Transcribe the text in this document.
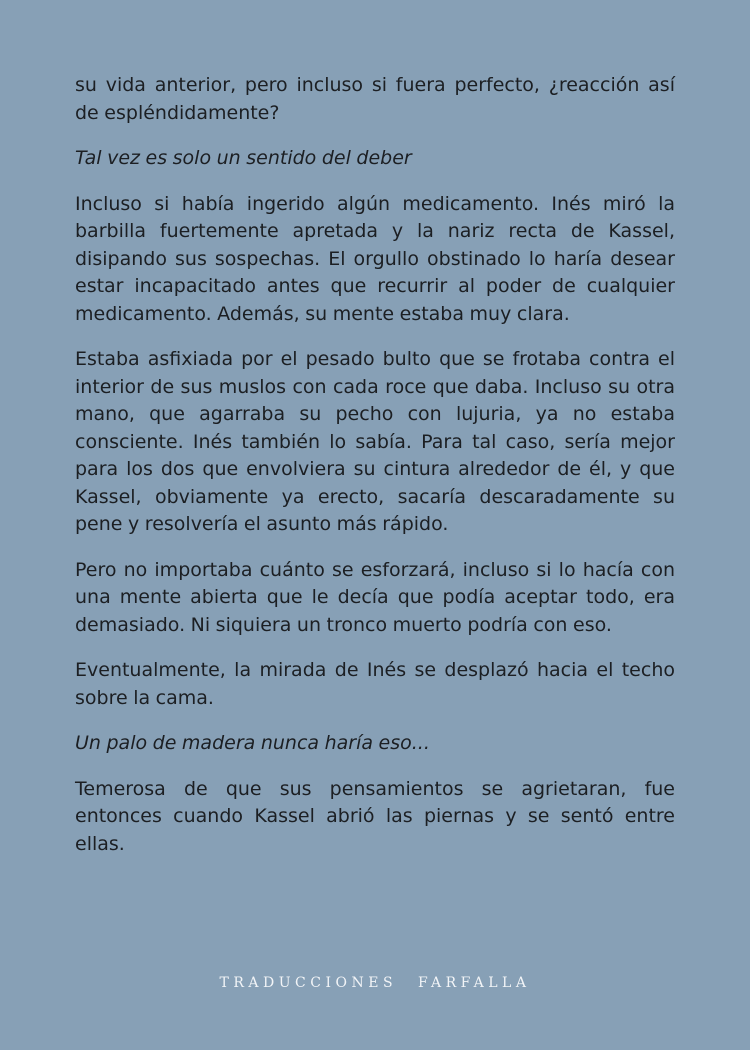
su vida anterior, pero incluso si fuera perfecto, ¿reacción así de espléndidamente?

Tal vez es solo un sentido del deber

Incluso si había ingerido algún medicamento. Inés miró la barbilla fuertemente apretada y la nariz recta de Kassel, disipando sus sospechas. El orgullo obstinado lo haría desear estar incapacitado antes que recurrir al poder de cualquier medicamento. Además, su mente estaba muy clara.

Estaba asfixiada por el pesado bulto que se frotaba contra el interior de sus muslos con cada roce que daba. Incluso su otra mano, que agarraba su pecho con lujuria, ya no estaba consciente. Inés también lo sabía. Para tal caso, sería mejor para los dos que envolviera su cintura alrededor de él, y que Kassel, obviamente ya erecto, sacaría descaradamente su pene y resolvería el asunto más rápido.

Pero no importaba cuánto se esforzará, incluso si lo hacía con una mente abierta que le decía que podía aceptar todo, era demasiado. Ni siquiera un tronco muerto podría con eso.

Eventualmente, la mirada de Inés se desplazó hacia el techo sobre la cama.

Un palo de madera nunca haría eso...

Temerosa de que sus pensamientos se agrietaran, fue entonces cuando Kassel abrió las piernas y se sentó entre ellas.

TRADUCCIONES FARFALLA
